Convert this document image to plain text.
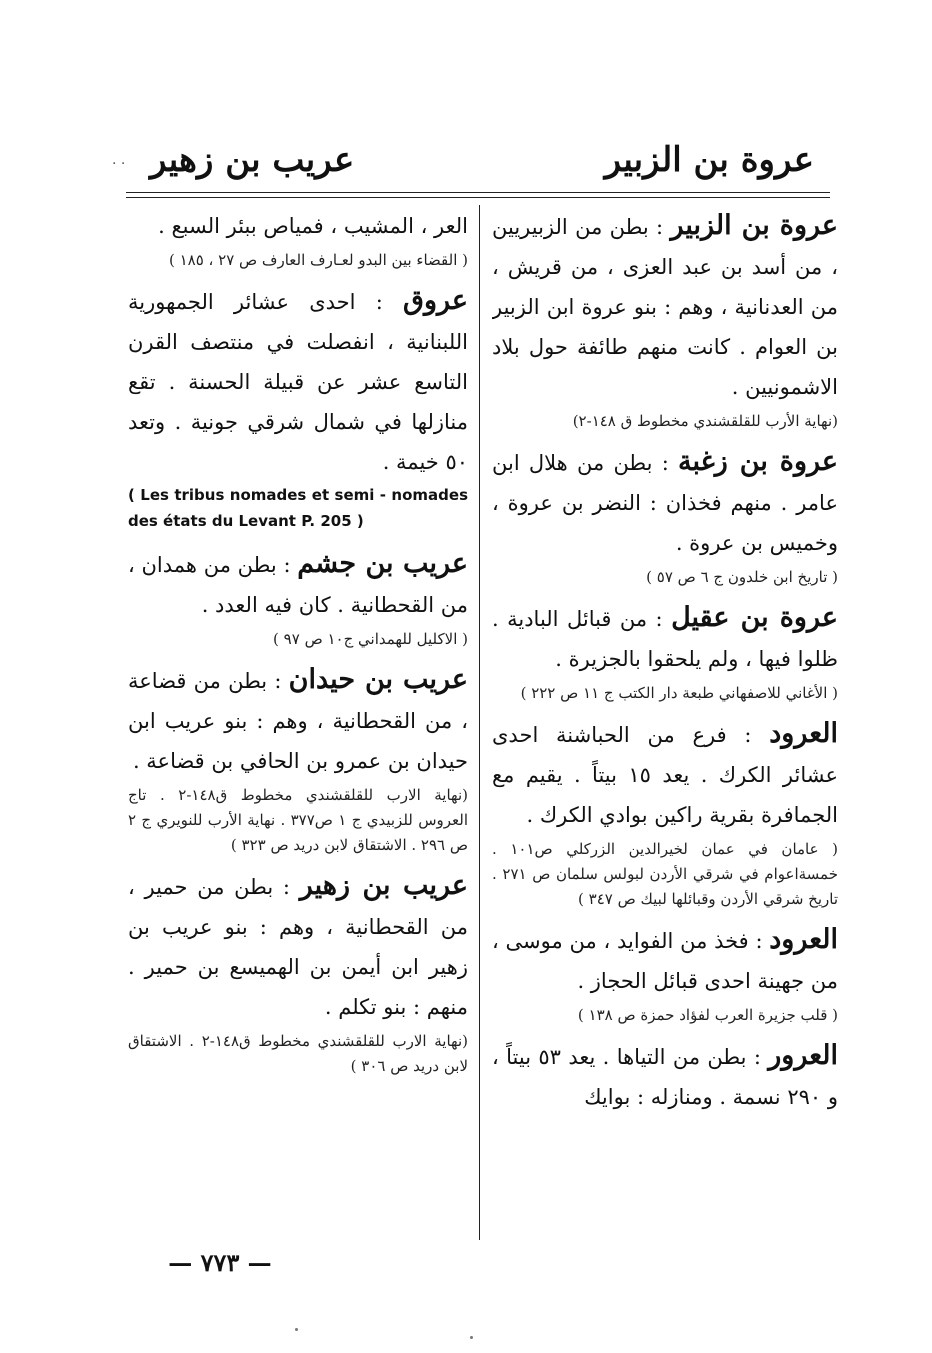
عروة بن الزبير
عريب بن زهير
. .

عروة بن الزبير : بطن من الزبيريين ، من أسد بن عبد العزى ، من قريش ، من العدنانية ، وهم : بنو عروة ابن الزبير بن العوام . كانت منهم طائفة حول بلاد الاشمونيين .

(نهاية الأرب للقلقشندي مخطوط ق ١٤٨-٢)

عروة بن زغبة : بطن من هلال ابن عامر . منهم فخذان : النضر بن عروة ، وخميس بن عروة .

( تاريخ ابن خلدون ج ٦ ص ٥٧ )

عروة بن عقيل : من قبائل البادية . ظلوا فيها ، ولم يلحقوا بالجزيرة .

( الأغاني للاصفهاني طبعة دار الكتب ج ١١ ص ٢٢٢ )

العرود : فرع من الحباشنة احدى عشائر الكرك . يعد ١٥ بيتاً . يقيم مع الجمافرة بقرية راكين بوادي الكرك .

( عامان في عمان لخيرالدين الزركلي ص١٠١ . خمسةاعوام في شرقي الأردن لبولس سلمان ص ٢٧١ . تاريخ شرقي الأردن وقبائلها لبيك ص ٣٤٧ )

العرود : فخذ من الفوايد ، من موسى ، من جهينة احدى قبائل الحجاز .

( قلب جزيرة العرب لفؤاد حمزة ص ١٣٨ )

العرور : بطن من التياها . يعد ٥٣ بيتاً ، و ٢٩٠ نسمة . ومنازله : بوايك

العر ، المشيب ، فمياص ببئر السبع .

( القضاء بين البدو لعـارف العارف ص ٢٧ ، ١٨٥ )

عروق : احدى عشائر الجمهورية اللبنانية ، انفصلت في منتصف القرن التاسع عشر عن قبيلة الحسنة . تقع منازلها في شمال شرقي جونية . وتعد ٥٠ خيمة .

( Les tribus nomades et semi - nomades des états du Levant P. 205 )

عريب بن جشم : بطن من همدان ، من القحطانية . كان فيه العدد .

( الاكليل للهمداني ج١٠ ص ٩٧ )

عريب بن حيدان : بطن من قضاعة ، من القحطانية ، وهم : بنو عريب ابن حيدان بن عمرو بن الحافي بن قضاعة .

(نهاية الارب للقلقشندي مخطوط ق١٤٨-٢ . تاج العروس للزبيدي ج ١ ص٣٧٧ . نهاية الأرب للنويري ج ٢ ص ٢٩٦ . الاشتقاق لابن دريد ص ٣٢٣ )

عريب بن زهير : بطن من حمير ، من القحطانية ، وهم : بنو عريب بن زهير ابن أيمن بن الهميسع بن حمير . منهم : بنو تكلم .

(نهاية الارب للقلقشندي مخطوط ق١٤٨-٢ . الاشتقاق لابن دريد ص ٣٠٦ )

— ٧٧٣ —
